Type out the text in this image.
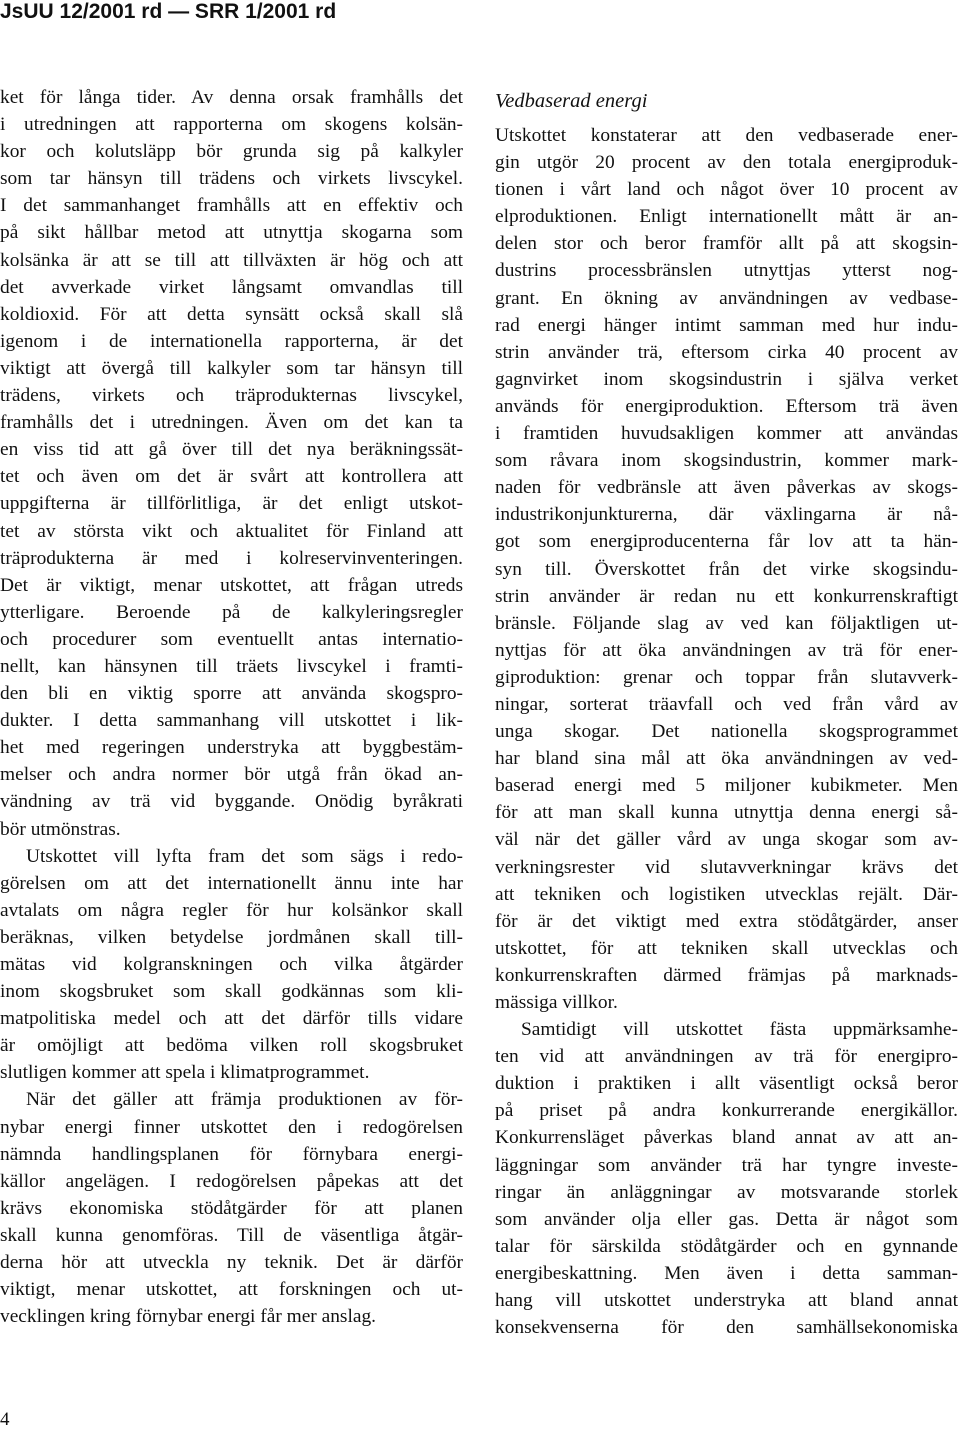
JsUU 12/2001 rd — SRR 1/2001 rd
ket för långa tider. Av denna orsak framhålls det
i utredningen att rapporterna om skogens kolsän-
kor och kolutsläpp bör grunda sig på kalkyler
som tar hänsyn till trädens och virkets livscykel.
I det sammanhanget framhålls att en effektiv och
på sikt hållbar metod att utnyttja skogarna som
kolsänka är att se till att tillväxten är hög och att
det avverkade virket långsamt omvandlas till
koldioxid. För att detta synsätt också skall slå
igenom i de internationella rapporterna, är det
viktigt att övergå till kalkyler som tar hänsyn till
trädens, virkets och träprodukternas livscykel,
framhålls det i utredningen. Även om det kan ta
en viss tid att gå över till det nya beräkningssät-
tet och även om det är svårt att kontrollera att
uppgifterna är tillförlitliga, är det enligt utskot-
tet av största vikt och aktualitet för Finland att
träprodukterna är med i kolreservinventeringen.
Det är viktigt, menar utskottet, att frågan utreds
ytterligare. Beroende på de kalkyleringsregler
och procedurer som eventuellt antas internatio-
nellt, kan hänsynen till träets livscykel i framti-
den bli en viktig sporre att använda skogspro-
dukter. I detta sammanhang vill utskottet i lik-
het med regeringen understryka att byggbestäm-
melser och andra normer bör utgå från ökad an-
vändning av trä vid byggande. Onödig byråkrati
bör utmönstras.
Utskottet vill lyfta fram det som sägs i redo-
görelsen om att det internationellt ännu inte har
avtalats om några regler för hur kolsänkor skall
beräknas, vilken betydelse jordmånen skall till-
mätas vid kolgranskningen och vilka åtgärder
inom skogsbruket som skall godkännas som kli-
matpolitiska medel och att det därför tills vidare
är omöjligt att bedöma vilken roll skogsbruket
slutligen kommer att spela i klimatprogrammet.
När det gäller att främja produktionen av för-
nybar energi finner utskottet den i redogörelsen
nämnda handlingsplanen för förnybara energi-
källor angelägen. I redogörelsen påpekas att det
krävs ekonomiska stödåtgärder för att planen
skall kunna genomföras. Till de väsentliga åtgär-
derna hör att utveckla ny teknik. Det är därför
viktigt, menar utskottet, att forskningen och ut-
vecklingen kring förnybar energi får mer anslag.
Vedbaserad energi
Utskottet konstaterar att den vedbaserade ener-
gin utgör 20 procent av den totala energiproduk-
tionen i vårt land och något över 10 procent av
elproduktionen. Enligt internationellt mått är an-
delen stor och beror framför allt på att skogsin-
dustrins processbränslen utnyttjas ytterst nog-
grant. En ökning av användningen av vedbase-
rad energi hänger intimt samman med hur indu-
strin använder trä, eftersom cirka 40 procent av
gagnvirket inom skogsindustrin i själva verket
används för energiproduktion. Eftersom trä även
i framtiden huvudsakligen kommer att användas
som råvara inom skogsindustrin, kommer mark-
naden för vedbränsle att även påverkas av skogs-
industrikonjunkturerna, där växlingarna är nå-
got som energiproducenterna får lov att ta hän-
syn till. Överskottet från det virke skogsindu-
strin använder är redan nu ett konkurrenskraftigt
bränsle. Följande slag av ved kan följaktligen ut-
nyttjas för att öka användningen av trä för ener-
giproduktion: grenar och toppar från slutavverk-
ningar, sorterat träavfall och ved från vård av
unga skogar. Det nationella skogsprogrammet
har bland sina mål att öka användningen av ved-
baserad energi med 5 miljoner kubikmeter. Men
för att man skall kunna utnyttja denna energi så-
väl när det gäller vård av unga skogar som av-
verkningsrester vid slutavverkningar krävs det
att tekniken och logistiken utvecklas rejält. Där-
för är det viktigt med extra stödåtgärder, anser
utskottet, för att tekniken skall utvecklas och
konkurrenskraften därmed främjas på marknads-
mässiga villkor.
Samtidigt vill utskottet fästa uppmärksamhe-
ten vid att användningen av trä för energipro-
duktion i praktiken i allt väsentligt också beror
på priset på andra konkurrerande energikällor.
Konkurrensläget påverkas bland annat av att an-
läggningar som använder trä har tyngre investe-
ringar än anläggningar av motsvarande storlek
som använder olja eller gas. Detta är något som
talar för särskilda stödåtgärder och en gynnande
energibeskattning. Men även i detta samman-
hang vill utskottet understryka att bland annat
konsekvenserna för den samhällsekonomiska
4
